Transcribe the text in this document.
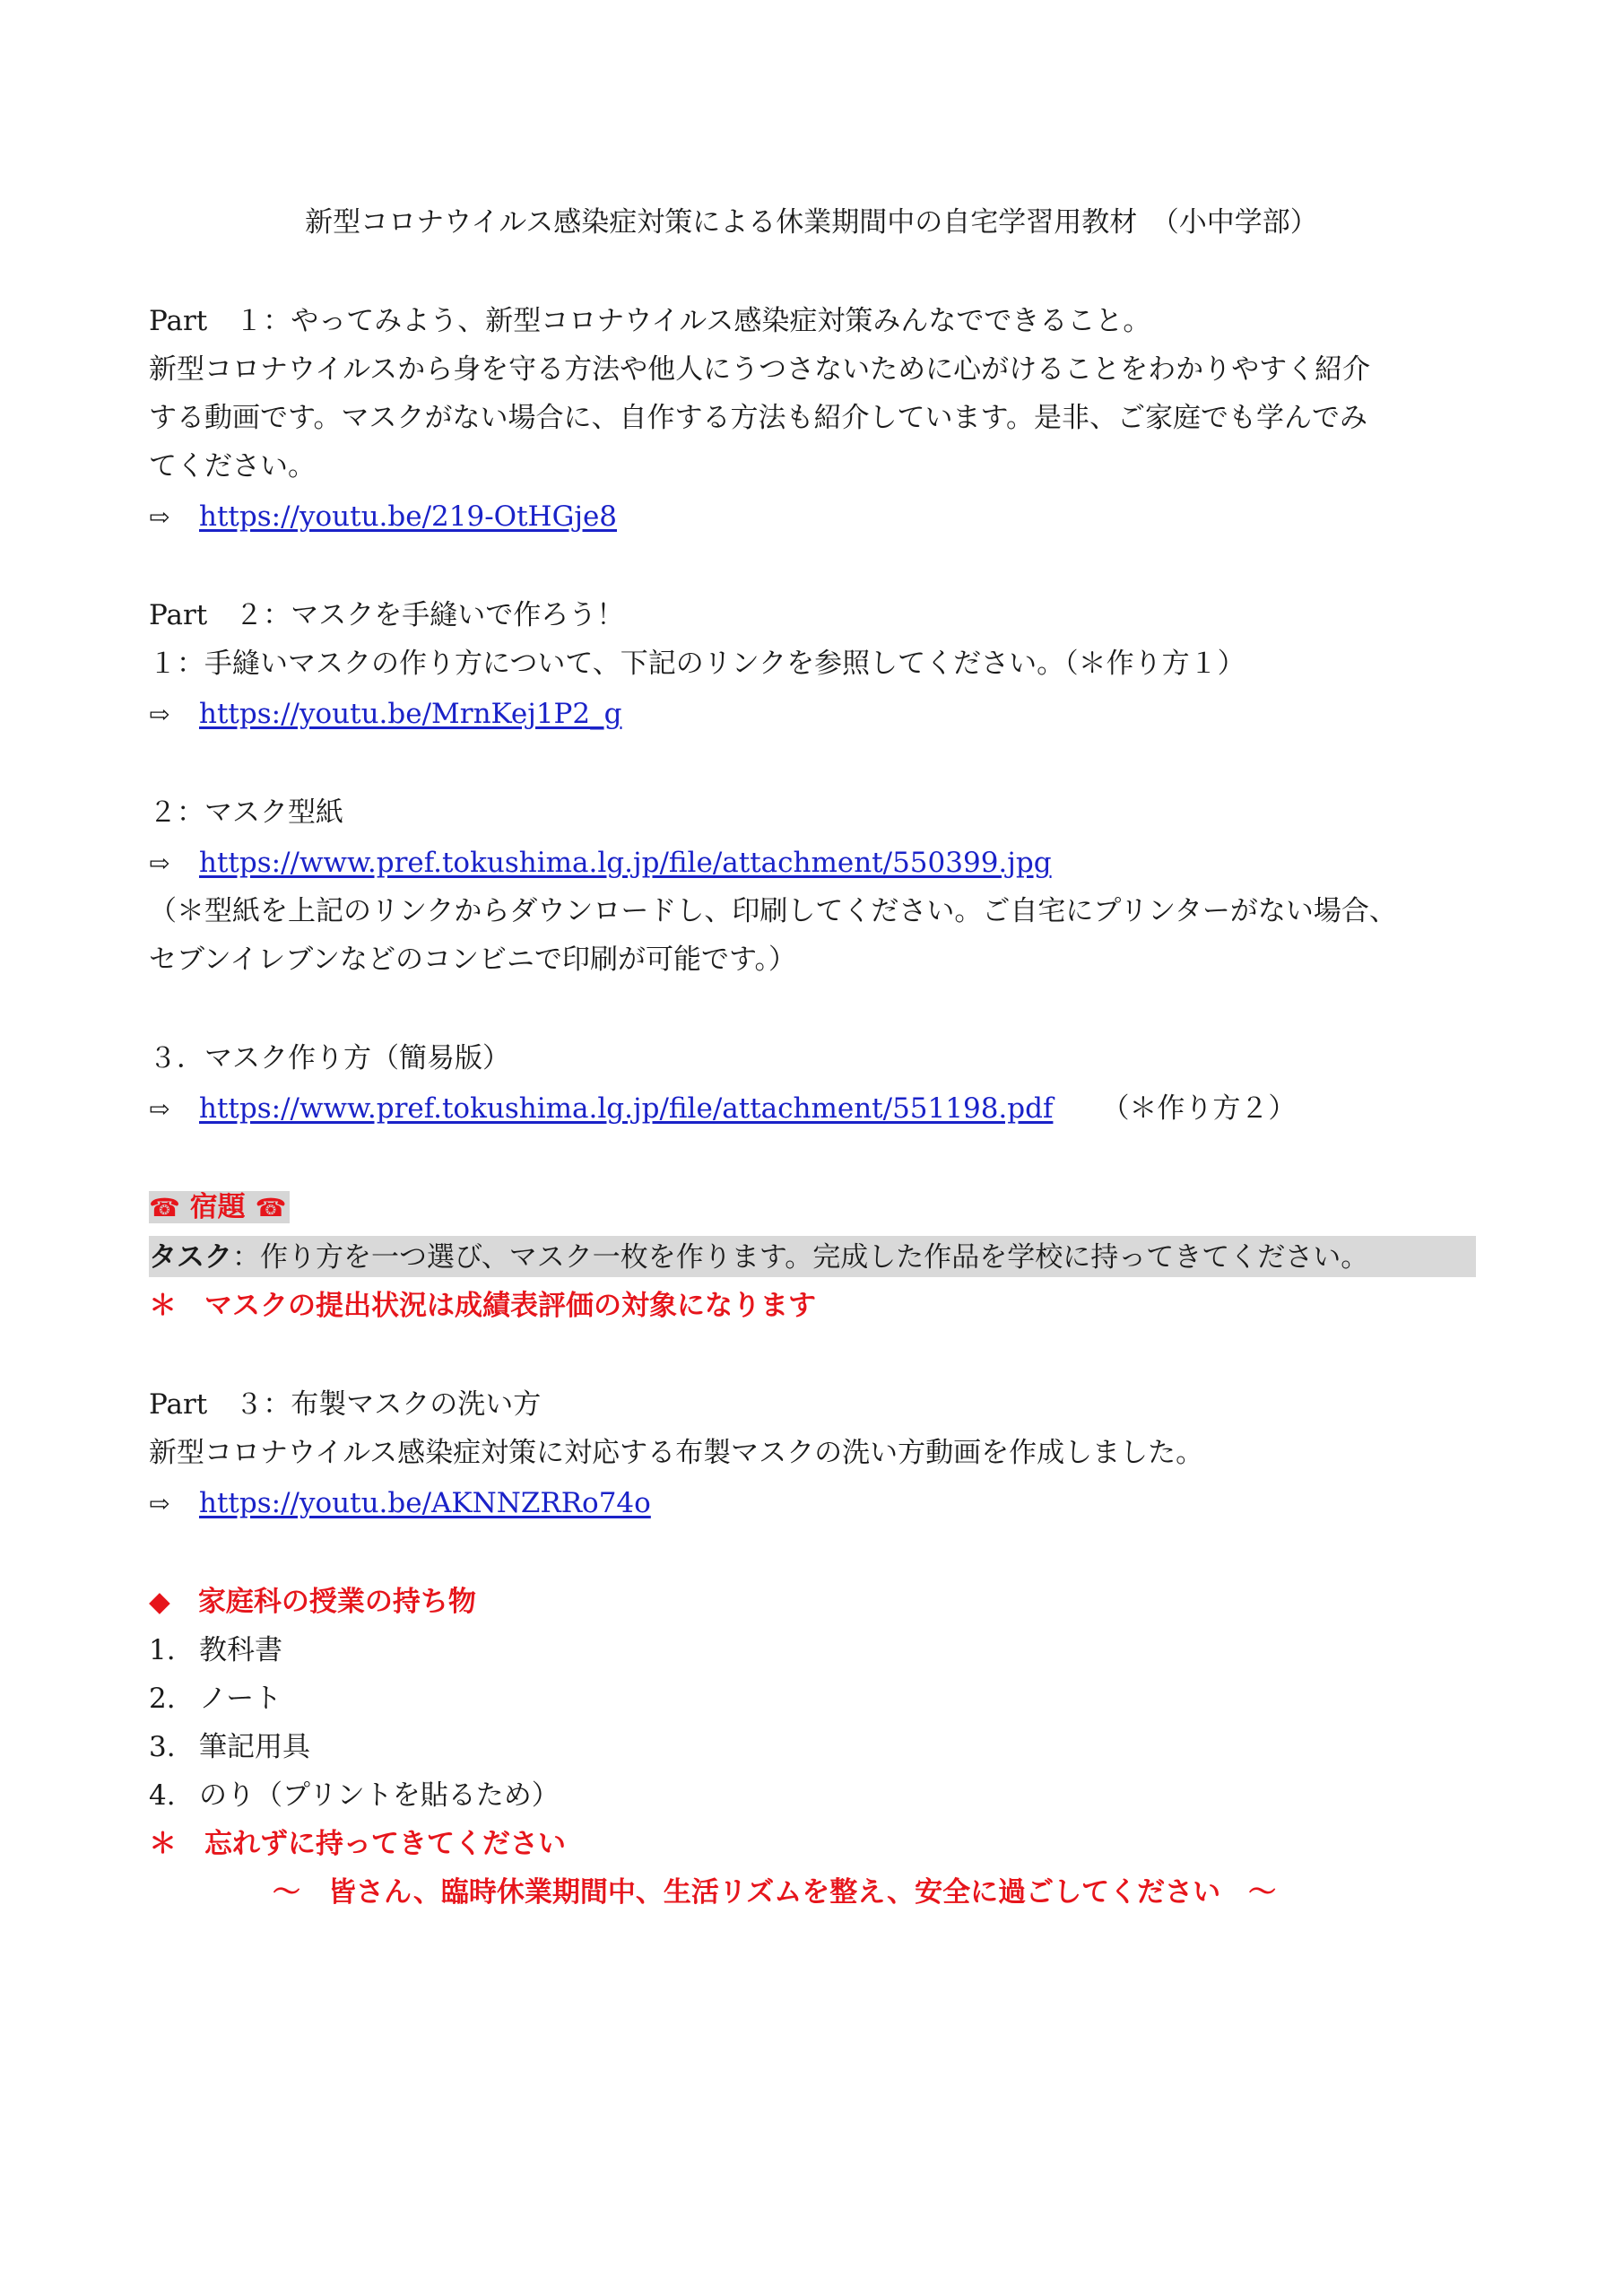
新型コロナウイルス感染症対策による休業期間中の自宅学習用教材　（小中学部）
Part　１：やってみよう、新型コロナウイルス感染症対策みんなでできること。
新型コロナウイルスから身を守る方法や他人にうつさないために心がけることをわかりやすく紹介
する動画です。マスクがない場合に、自作する方法も紹介しています。是非、ご家庭でも学んでみ
てください。
⇨ https://youtu.be/219-OtHGje8
Part　２：マスクを手縫いで作ろう！
１：手縫いマスクの作り方について、下記のリンクを参照してください。（＊作り方１）
⇨ https://youtu.be/MrnKej1P2_g
２：マスク型紙
⇨ https://www.pref.tokushima.lg.jp/file/attachment/550399.jpg
（＊型紙を上記のリンクからダウンロードし、印刷してください。ご自宅にプリンターがない場合、
セブンイレブンなどのコンビニで印刷が可能です。）
３．マスク作り方（簡易版）
⇨ https://www.pref.tokushima.lg.jp/file/attachment/551198.pdf （＊作り方２）
☎ 宿題 ☎
タスク：作り方を一つ選び、マスク一枚を作ります。完成した作品を学校に持ってきてください。
＊　マスクの提出状況は成績表評価の対象になります
Part　３：布製マスクの洗い方
新型コロナウイルス感染症対策に対応する布製マスクの洗い方動画を作成しました。
⇨ https://youtu.be/AKNNZRRo74o
◆　家庭科の授業の持ち物
1. 教科書
2. ノート
3. 筆記用具
4. のり（プリントを貼るため）
＊　忘れずに持ってきてください
～　皆さん、臨時休業期間中、生活リズムを整え、安全に過ごしてください　～
